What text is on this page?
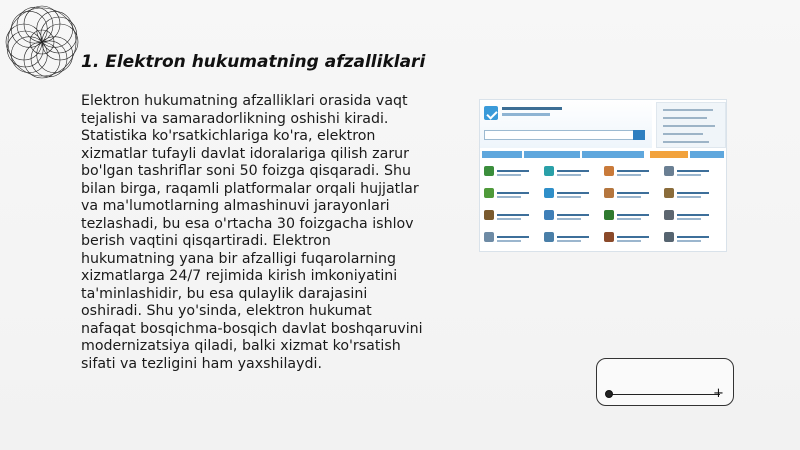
1. Elektron hukumatning afzalliklari

Elektron hukumatning afzalliklari orasida vaqt tejalishi va samaradorlikning oshishi kiradi. Statistika ko'rsatkichlariga ko'ra, elektron xizmatlar tufayli davlat idoralariga qilish zarur bo'lgan tashriflar soni 50 foizga qisqaradi. Shu bilan birga, raqamli platformalar orqali hujjatlar va ma'lumotlarning almashinuvi jarayonlari tezlashadi, bu esa o'rtacha 30 foizgacha ishlov berish vaqtini qisqartiradi. Elektron hukumatning yana bir afzalligi fuqarolarning xizmatlarga 24/7 rejimida kirish imkoniyatini ta'minlashidir, bu esa qulaylik darajasini oshiradi. Shu yo'sinda, elektron hukumat nafaqat bosqichma-bosqich davlat boshqaruvini modernizatsiya qiladi, balki xizmat ko'rsatish sifati va tezligini ham yaxshilaydi.

+
